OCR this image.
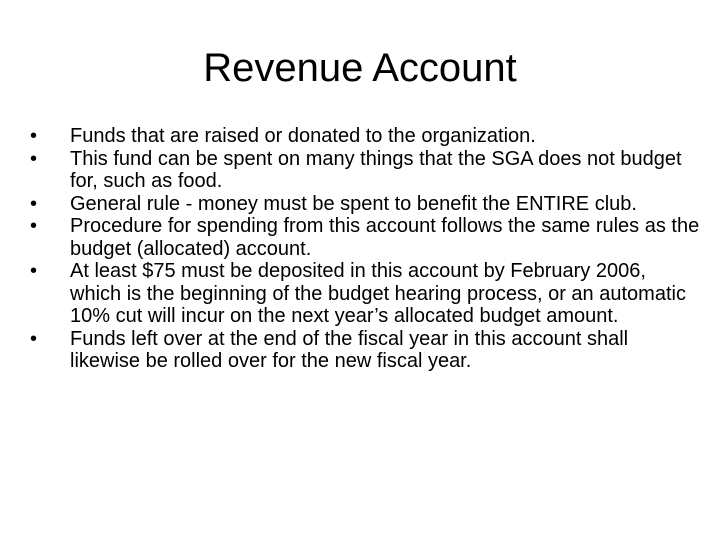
Revenue Account
•	Funds that are raised or donated to the organization.
•	This fund can be spent on many things that the SGA does not budget for, such as food.
•	General rule - money must be spent to benefit the ENTIRE club.
•	Procedure for spending from this account follows the same rules as the budget (allocated) account.
•	At least $75 must be deposited in this account by February 2006, which is the beginning of the budget hearing process, or an automatic 10% cut will incur on the next year’s allocated budget amount.
•	Funds left over at the end of the fiscal year in this account shall likewise be rolled over for the new fiscal year.
